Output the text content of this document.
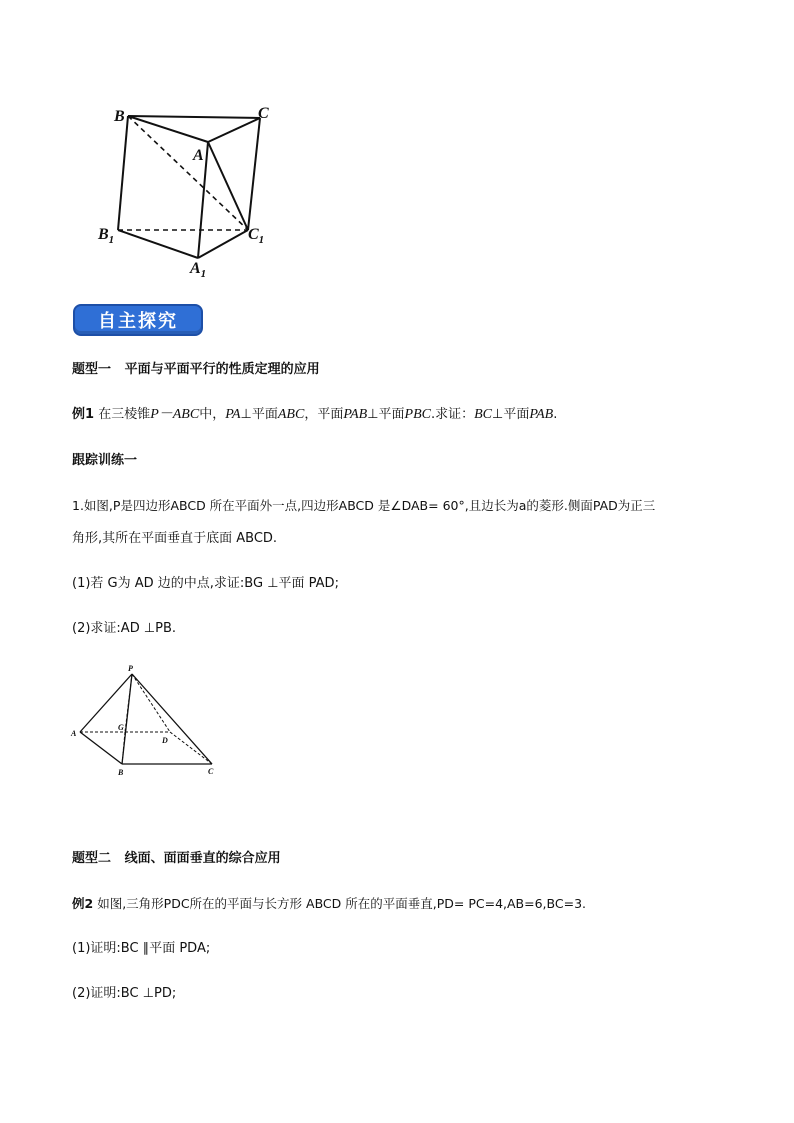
B	C
A
$B_1$	$C_1$
$A_1$
自主探究
题型一 平面与平面平行的性质定理的应用
例1 在三棱锥P－ABC中，PA⊥平面ABC，平面PAB⊥平面PBC.求证：BC⊥平面PAB.
跟踪训练一
1.如图,P是四边形ABCD 所在平面外一点,四边形ABCD 是∠DAB= 60°,且边长为a的菱形.侧面PAD为正三
角形,其所在平面垂直于底面 ABCD.
(1)若 G为 AD 边的中点,求证:BG ⊥平面 PAD;
(2)求证:AD ⊥PB.
P
A
G
D
B	C
题型二 线面、面面垂直的综合应用
例2 如图,三角形PDC所在的平面与长方形 ABCD 所在的平面垂直,PD= PC=4,AB=6,BC=3.
(1)证明:BC ∥平面 PDA;
(2)证明:BC ⊥PD;
